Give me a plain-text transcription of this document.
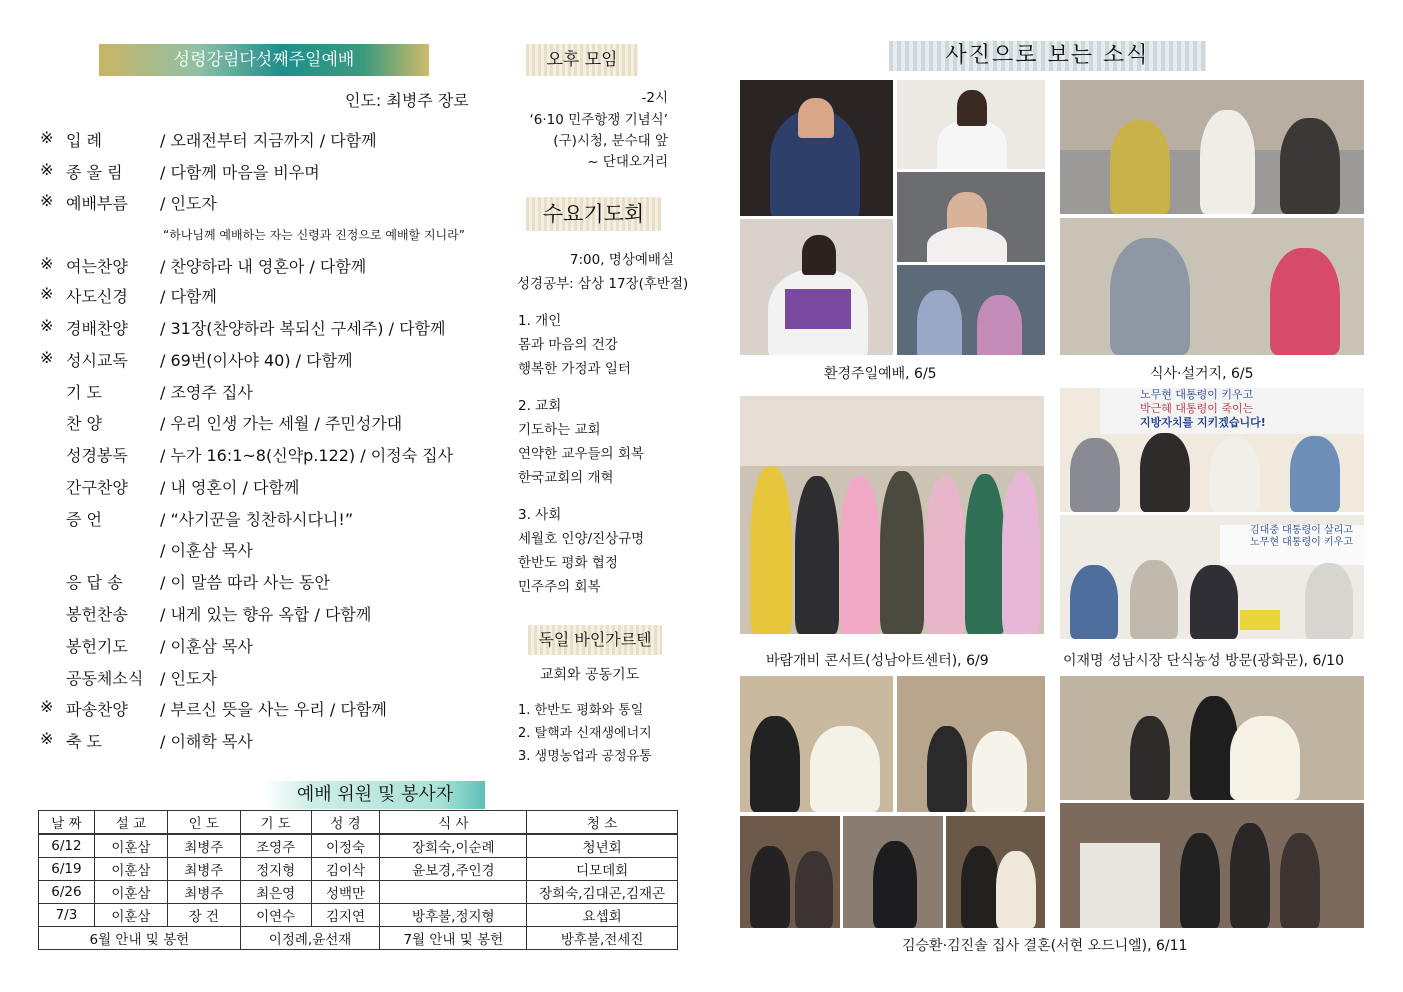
성령강림다섯째주일예배
인도: 최병주 장로
※ 입 례	/ 오래전부터 지금까지 / 다함께
※ 종 울 림	/ 다함께 마음을 비우며
※ 예배부름	/ 인도자
※ 여는찬양	/ 찬양하라 내 영혼아 / 다함께
※ 사도신경	/ 다함께
※ 경배찬양	/ 31장(찬양하라 복되신 구세주) / 다함께
※ 성시교독	/ 69번(이사야 40) / 다함께
기 도	/ 조영주 집사
찬 양	/ 우리 인생 가는 세월 / 주민성가대
성경봉독	/ 누가 16:1~8(신약p.122) / 이정숙 집사
간구찬양	/ 내 영혼이 / 다함께
증 언	/ “사기꾼을 칭찬하시다니!”
/ 이훈삼 목사
응 답 송	/ 이 말씀 따라 사는 동안
봉헌찬송	/ 내게 있는 향유 옥합 / 다함께
봉헌기도	/ 이훈삼 목사
공동체소식	/ 인도자
※ 파송찬양	/ 부르신 뜻을 사는 우리 / 다함께
※ 축 도	/ 이해학 목사
“하나님께 예배하는 자는 신령과 진정으로 예배할 지니라”
예배 위원 및 봉사자
날 짜	설 교	인 도	기 도	성 경	식 사	청 소
6/12	이훈삼	최병주	조영주	이정숙	장희숙,이순례	청년회
6/19	이훈삼	최병주	정지형	김이삭	윤보경,주인경	디모데회
6/26	이훈삼	최병주	최은영	성백만		장희숙,김대곤,김재곤
7/3	이훈삼	장 건	이연수	김지연	방후불,정지형	요셉회
6월 안내 및 봉헌			이정례,윤선재		7월 안내 및 봉헌	방후불,전세진
오후 모임
-2시
‘6·10 민주항쟁 기념식’
(구)시청, 분수대 앞
~ 단대오거리
수요기도회
7:00, 명상예배실
성경공부: 삼상 17장(후반절)
1. 개인
몸과 마음의 건강
행복한 가정과 일터
2. 교회
기도하는 교회
연약한 교우들의 회복
한국교회의 개혁
3. 사회
세월호 인양/진상규명
한반도 평화 협정
민주주의 회복
독일 바인가르텐
교회와 공동기도
1. 한반도 평화와 통일
2. 탈핵과 신재생에너지
3. 생명농업과 공정유통
사진으로 보는 소식
환경주일예배, 6/5	식사·설거지, 6/5
노무현 대통령이 키우고
박근혜 대통령이 죽이는
지방자치를 지키겠습니다!
김대중 대통령이 살리고
노무현 대통령이 키우고
바람개비 콘서트(성남아트센터), 6/9	이재명 성남시장 단식농성 방문(광화문), 6/10
김승환·김진솔 집사 결혼(서현 오드니엘), 6/11
